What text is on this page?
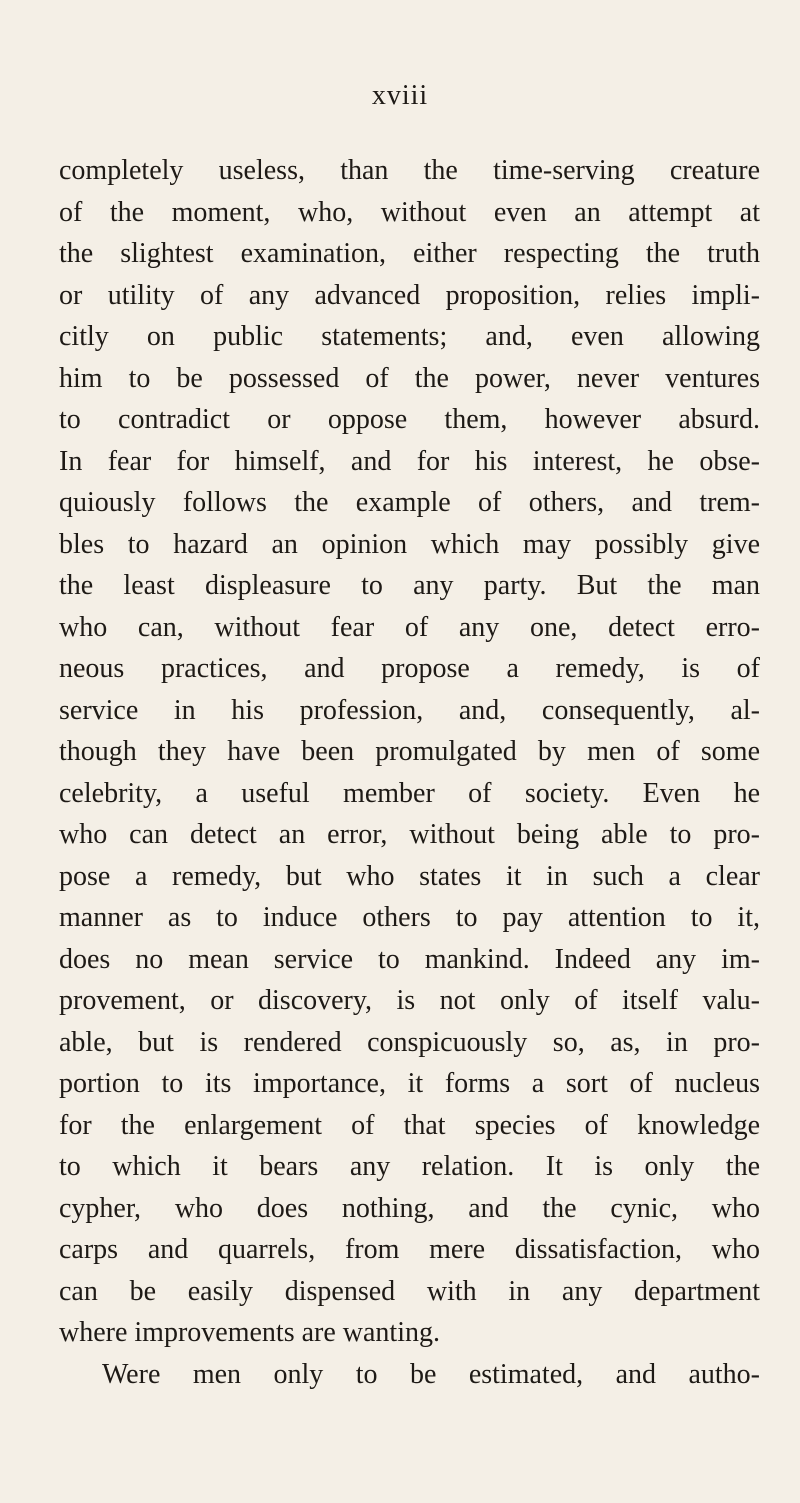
xviii
completely useless, than the time-serving creature
of the moment, who, without even an attempt at
the slightest examination, either respecting the truth
or utility of any advanced proposition, relies impli-
citly on public statements; and, even allowing
him to be possessed of the power, never ventures
to contradict or oppose them, however absurd.
In fear for himself, and for his interest, he obse-
quiously follows the example of others, and trem-
bles to hazard an opinion which may possibly give
the least displeasure to any party. But the man
who can, without fear of any one, detect erro-
neous practices, and propose a remedy, is of
service in his profession, and, consequently, al-
though they have been promulgated by men of some
celebrity, a useful member of society. Even he
who can detect an error, without being able to pro-
pose a remedy, but who states it in such a clear
manner as to induce others to pay attention to it,
does no mean service to mankind. Indeed any im-
provement, or discovery, is not only of itself valu-
able, but is rendered conspicuously so, as, in pro-
portion to its importance, it forms a sort of nucleus
for the enlargement of that species of knowledge
to which it bears any relation. It is only the
cypher, who does nothing, and the cynic, who
carps and quarrels, from mere dissatisfaction, who
can be easily dispensed with in any department
where improvements are wanting.
Were men only to be estimated, and autho-
